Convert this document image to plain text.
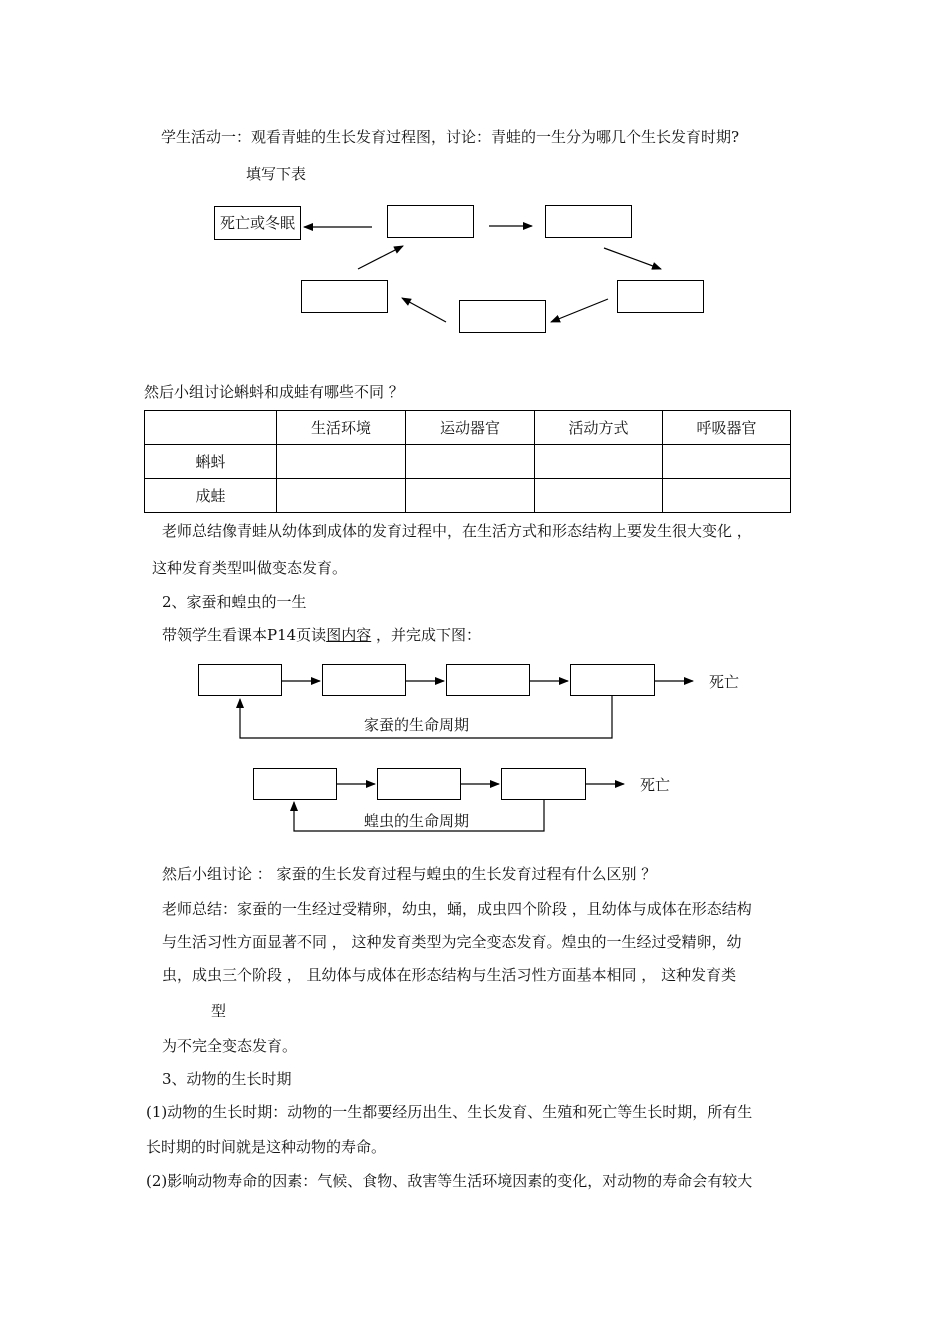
学生活动一：观看青蛙的生长发育过程图，讨论：青蛙的一生分为哪几个生长发育时期?
填写下表
死亡或冬眠
然后小组讨论蝌蚪和成蛙有哪些不同 ？
	生活环境	运动器官	活动方式	呼吸器官
蝌蚪				
成蛙				
老师总结像青蛙从幼体到成体的发育过程中，在生活方式和形态结构上要发生很大变化 ，
这种发育类型叫做变态发育。
2、家蚕和蝗虫的一生
带领学生看课本P14页读图内容 ，并完成下图：
死亡
家蚕的生命周期
死亡
蝗虫的生命周期
然后小组讨论 ： 家蚕的生长发育过程与蝗虫的生长发育过程有什么区别 ？
老师总结：家蚕的一生经过受精卵，幼虫，蛹，成虫四个阶段 ，且幼体与成体在形态结构
与生活习性方面显著不同 ， 这种发育类型为完全变态发育。煌虫的一生经过受精卵，幼
虫，成虫三个阶段 ， 且幼体与成体在形态结构与生活习性方面基本相同 ， 这种发育类
型
为不完全变态发育。
3、动物的生长时期
(1)动物的生长时期：动物的一生都要经历出生、生长发育、生殖和死亡等生长时期，所有生
长时期的时间就是这种动物的寿命。
(2)影响动物寿命的因素：气候、食物、敌害等生活环境因素的变化，对动物的寿命会有较大
